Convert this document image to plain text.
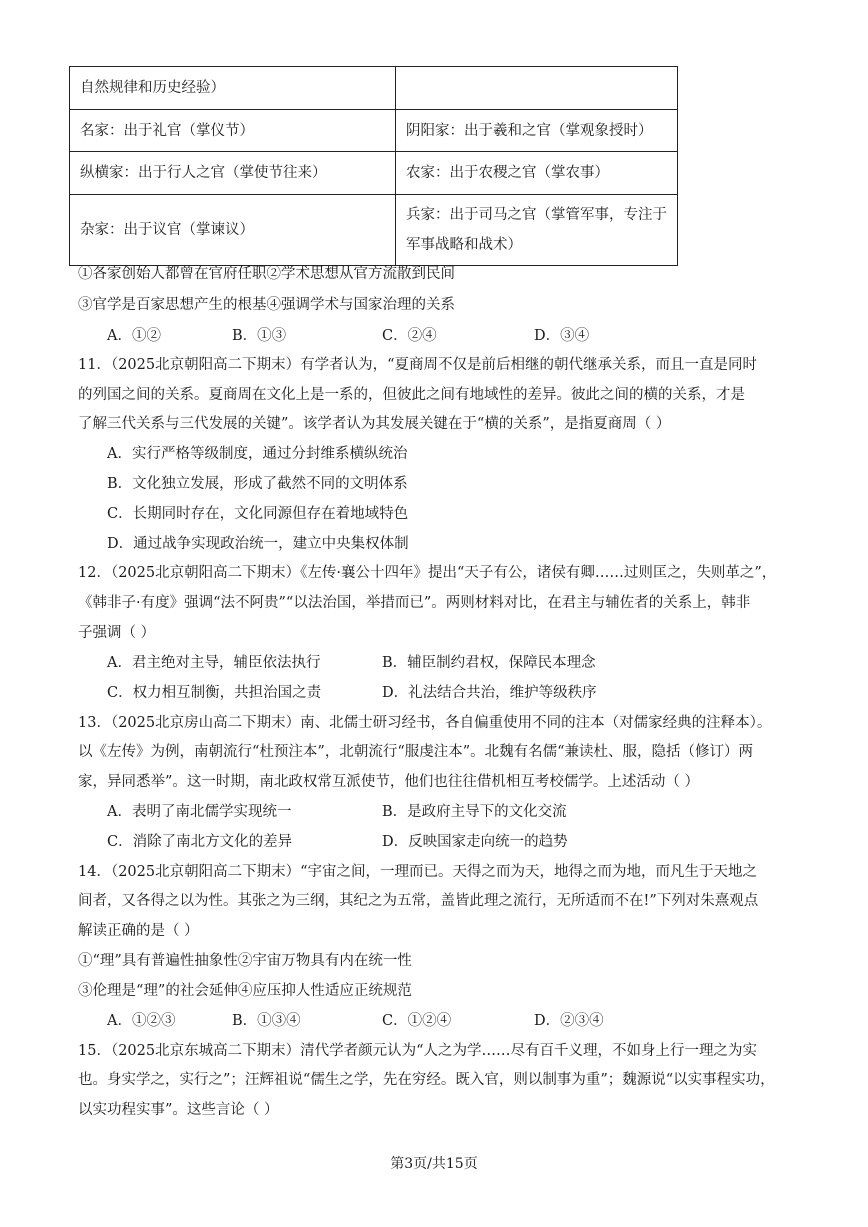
自然规律和历史经验）	
名家：出于礼官（掌仪节）	阴阳家：出于羲和之官（掌观象授时）
纵横家：出于行人之官（掌使节往来）	农家：出于农稷之官（掌农事）
杂家：出于议官（掌谏议）	兵家：出于司马之官（掌管军事，专注于军事战略和战术）
①各家创始人都曾在官府任职②学术思想从官方流散到民间
③官学是百家思想产生的根基④强调学术与国家治理的关系
A．①②	B．①③	C．②④	D．③④
11．（2025北京朝阳高二下期末）有学者认为，“夏商周不仅是前后相继的朝代继承关系，而且一直是同时
的列国之间的关系。夏商周在文化上是一系的，但彼此之间有地域性的差异。彼此之间的横的关系，才是
了解三代关系与三代发展的关键”。该学者认为其发展关键在于“横的关系”，是指夏商周（ ）
A．实行严格等级制度，通过分封维系横纵统治
B．文化独立发展，形成了截然不同的文明体系
C．长期同时存在，文化同源但存在着地域特色
D．通过战争实现政治统一，建立中央集权体制
12．（2025北京朝阳高二下期末）《左传·襄公十四年》提出“天子有公，诸侯有卿……过则匡之，失则革之”，
《韩非子·有度》强调“法不阿贵”“以法治国，举措而已”。两则材料对比，在君主与辅佐者的关系上，韩非
子强调（ ）
A．君主绝对主导，辅臣依法执行	B．辅臣制约君权，保障民本理念
C．权力相互制衡，共担治国之责	D．礼法结合共治，维护等级秩序
13．（2025北京房山高二下期末）南、北儒士研习经书，各自偏重使用不同的注本（对儒家经典的注释本）。
以《左传》为例，南朝流行“杜预注本”，北朝流行“服虔注本”。北魏有名儒“兼读杜、服，隐括（修订）两
家，异同悉举”。这一时期，南北政权常互派使节，他们也往往借机相互考校儒学。上述活动（ ）
A．表明了南北儒学实现统一	B．是政府主导下的文化交流
C．消除了南北方文化的差异	D．反映国家走向统一的趋势
14．（2025北京朝阳高二下期末）“宇宙之间，一理而已。天得之而为天，地得之而为地，而凡生于天地之
间者，又各得之以为性。其张之为三纲，其纪之为五常，盖皆此理之流行，无所适而不在!”下列对朱熹观点
解读正确的是（ ）
①“理”具有普遍性抽象性②宇宙万物具有内在统一性
③伦理是“理”的社会延伸④应压抑人性适应正统规范
A．①②③	B．①③④	C．①②④	D．②③④
15．（2025北京东城高二下期末）清代学者颜元认为“人之为学……尽有百千义理，不如身上行一理之为实
也。身实学之，实行之”；汪辉祖说“儒生之学，先在穷经。既入官，则以制事为重”；魏源说“以实事程实功，
以实功程实事”。这些言论（ ）
第3页/共15页
